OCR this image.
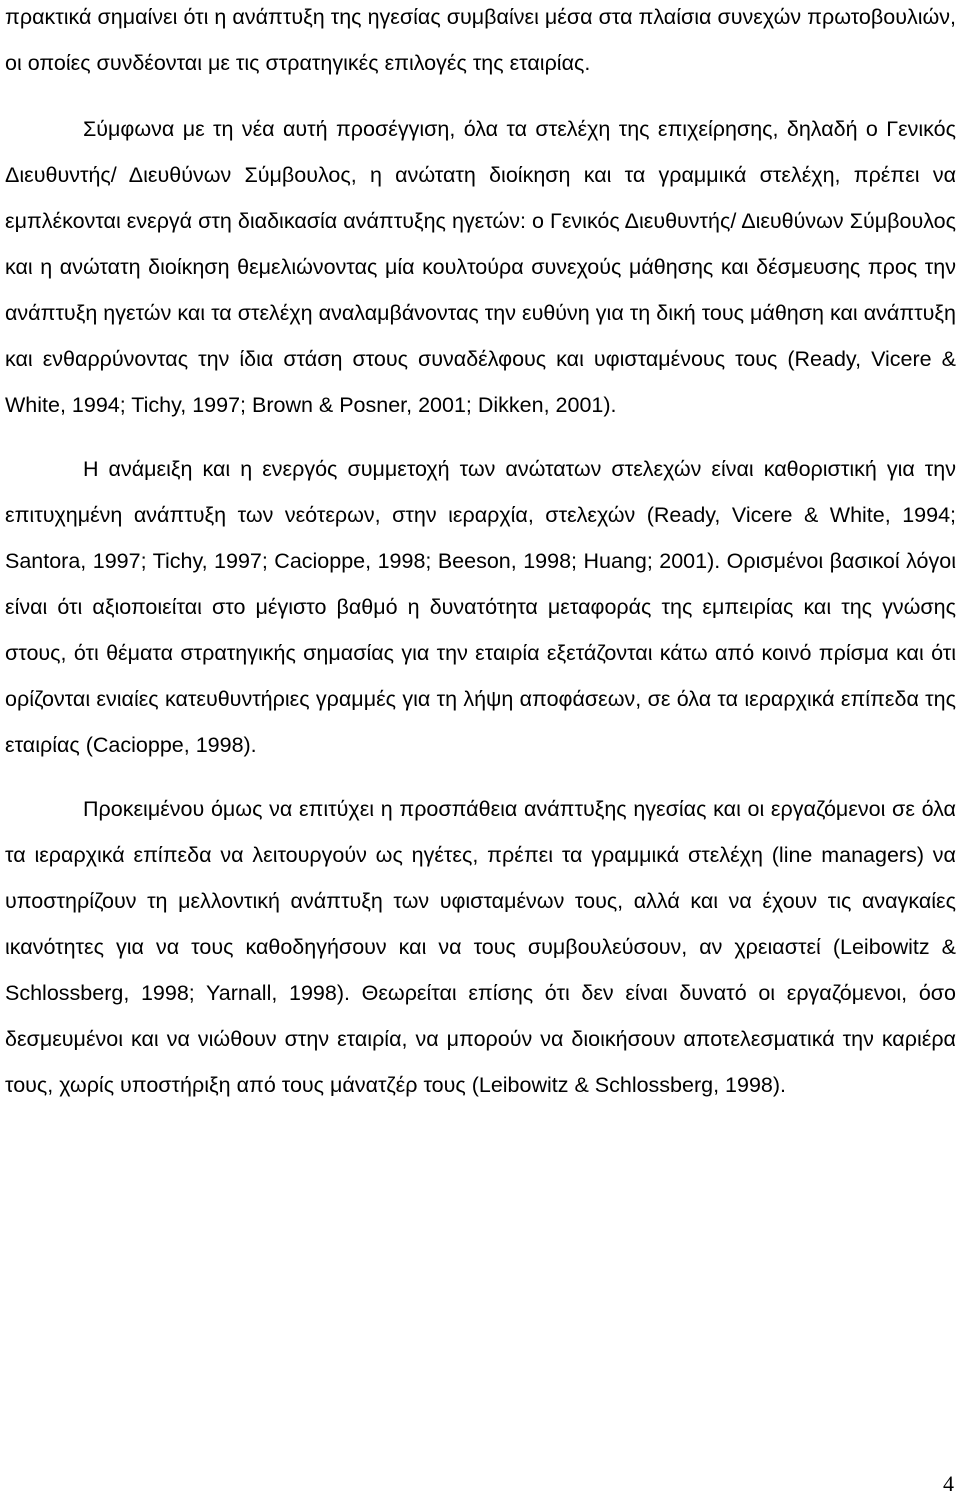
πρακτικά σημαίνει ότι η ανάπτυξη της ηγεσίας συμβαίνει μέσα στα πλαίσια συνεχών πρωτοβουλιών, οι οποίες συνδέονται με τις στρατηγικές επιλογές της εταιρίας.

Σύμφωνα με τη νέα αυτή προσέγγιση, όλα τα στελέχη της επιχείρησης, δηλαδή ο Γενικός Διευθυντής/ Διευθύνων Σύμβουλος, η ανώτατη διοίκηση και τα γραμμικά στελέχη, πρέπει να εμπλέκονται ενεργά στη διαδικασία ανάπτυξης ηγετών: ο Γενικός Διευθυντής/ Διευθύνων Σύμβουλος και η ανώτατη διοίκηση θεμελιώνοντας μία κουλτούρα συνεχούς μάθησης και δέσμευσης προς την ανάπτυξη ηγετών και τα στελέχη αναλαμβάνοντας την ευθύνη για τη δική τους μάθηση και ανάπτυξη και ενθαρρύνοντας την ίδια στάση στους συναδέλφους και υφισταμένους τους (Ready, Vicere & White, 1994; Tichy, 1997; Brown & Posner, 2001; Dikken, 2001).

Η ανάμειξη και η ενεργός συμμετοχή των ανώτατων στελεχών είναι καθοριστική για την επιτυχημένη ανάπτυξη των νεότερων, στην ιεραρχία, στελεχών (Ready, Vicere & White, 1994; Santora, 1997; Tichy, 1997; Cacioppe, 1998; Beeson, 1998; Huang; 2001). Ορισμένοι βασικοί λόγοι είναι ότι αξιοποιείται στο μέγιστο βαθμό η δυνατότητα μεταφοράς της εμπειρίας και της γνώσης στους, ότι θέματα στρατηγικής σημασίας για την εταιρία εξετάζονται κάτω από κοινό πρίσμα και ότι ορίζονται ενιαίες κατευθυντήριες γραμμές για τη λήψη αποφάσεων, σε όλα τα ιεραρχικά επίπεδα της εταιρίας (Cacioppe, 1998).

Προκειμένου όμως να επιτύχει η προσπάθεια ανάπτυξης ηγεσίας και οι εργαζόμενοι σε όλα τα ιεραρχικά επίπεδα να λειτουργούν ως ηγέτες, πρέπει τα γραμμικά στελέχη (line managers) να υποστηρίζουν τη μελλοντική ανάπτυξη των υφισταμένων τους, αλλά και να έχουν τις αναγκαίες ικανότητες για να τους καθοδηγήσουν και να τους συμβουλεύσουν, αν χρειαστεί (Leibowitz & Schlossberg, 1998; Yarnall, 1998). Θεωρείται επίσης ότι δεν είναι δυνατό οι εργαζόμενοι, όσο δεσμευμένοι και να νιώθουν στην εταιρία, να μπορούν να διοικήσουν αποτελεσματικά την καριέρα τους, χωρίς υποστήριξη από τους μάνατζέρ τους (Leibowitz & Schlossberg, 1998).

4
